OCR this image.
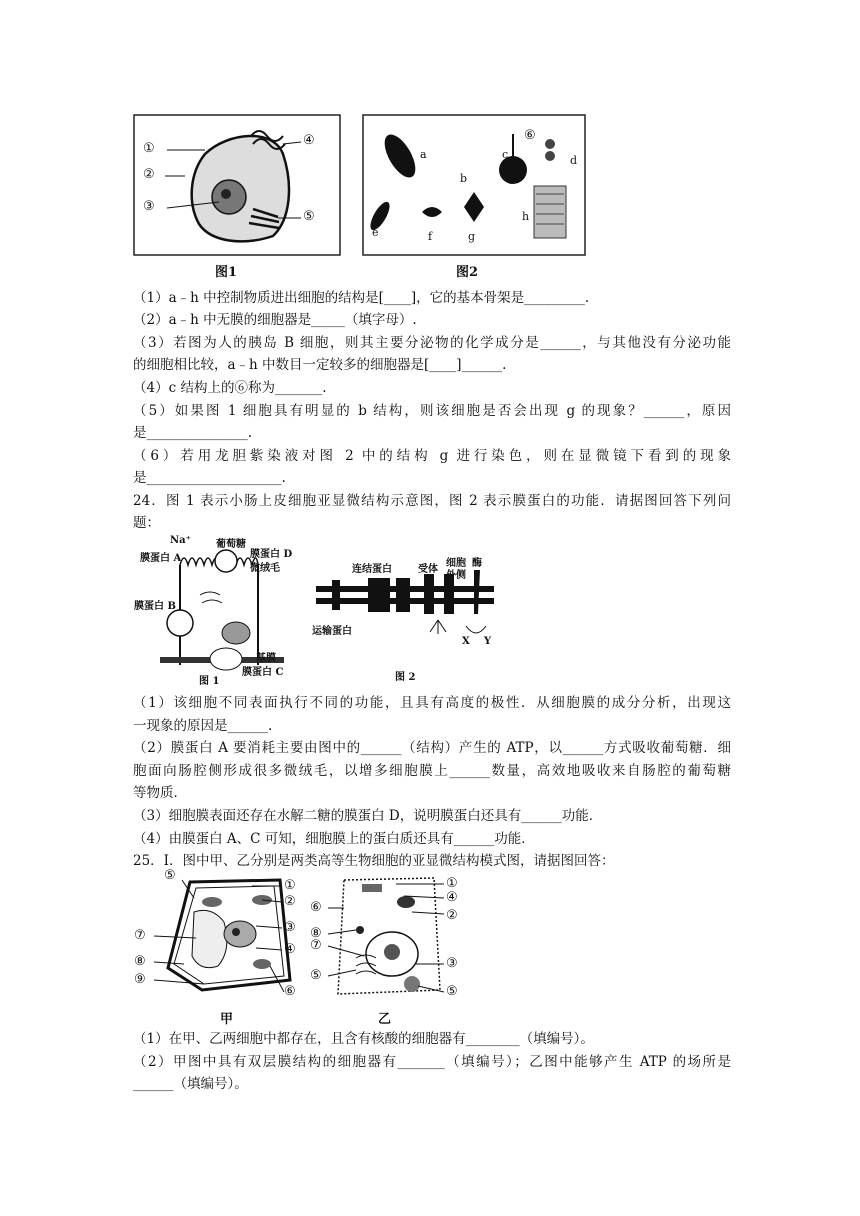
①
②
③
④
⑤
图1
a
b
c	d
e	f	g
h
⑥
图2
（1）a﹣h 中控制物质进出细胞的结构是[____]，它的基本骨架是_________.
（2）a﹣h 中无膜的细胞器是_____（填字母）.
（3）若图为人的胰岛 B 细胞，则其主要分泌物的化学成分是______，与其他没有分泌功能
的细胞相比较，a﹣h 中数目一定较多的细胞器是[____]______.
（4）c 结构上的⑥称为_______.
（5）如果图 1 细胞具有明显的 b 结构，则该细胞是否会出现 g 的现象？______，原因
是_______________.
（6）若用龙胆紫染液对图 2 中的结构 g 进行染色，则在显微镜下看到的现象
是____________________.
24．图 1 表示小肠上皮细胞亚显微结构示意图，图 2 表示膜蛋白的功能．请据图回答下列问
题：
Na⁺	葡萄糖
膜蛋白 A	膜蛋白 D
微绒毛
膜蛋白 B
基膜
膜蛋白 C
图 1
连结蛋白	受体
细胞
外侧
酶
运输蛋白
X Y
图 2
（1）该细胞不同表面执行不同的功能，且具有高度的极性．从细胞膜的成分分析，出现这
一现象的原因是______.
（2）膜蛋白 A 要消耗主要由图中的______（结构）产生的 ATP，以______方式吸收葡萄糖．细
胞面向肠腔侧形成很多微绒毛，以增多细胞膜上______数量，高效地吸收来自肠腔的葡萄糖
等物质．
（3）细胞膜表面还存在水解二糖的膜蛋白 D，说明膜蛋白还具有______功能．
（4）由膜蛋白 A、C 可知，细胞膜上的蛋白质还具有______功能．
25．Ⅰ．图中甲、乙分别是两类高等生物细胞的亚显微结构模式图，请据图回答：
⑤
①
②
③
⑦
④
⑧
⑨
⑥
甲
①
④
⑥
②
⑧
⑦
③
⑤
⑤
乙
（1）在甲、乙两细胞中都存在，且含有核酸的细胞器有________（填编号）。
（2）甲图中具有双层膜结构的细胞器有_______（填编号）；乙图中能够产生 ATP 的场所是
______（填编号）。
